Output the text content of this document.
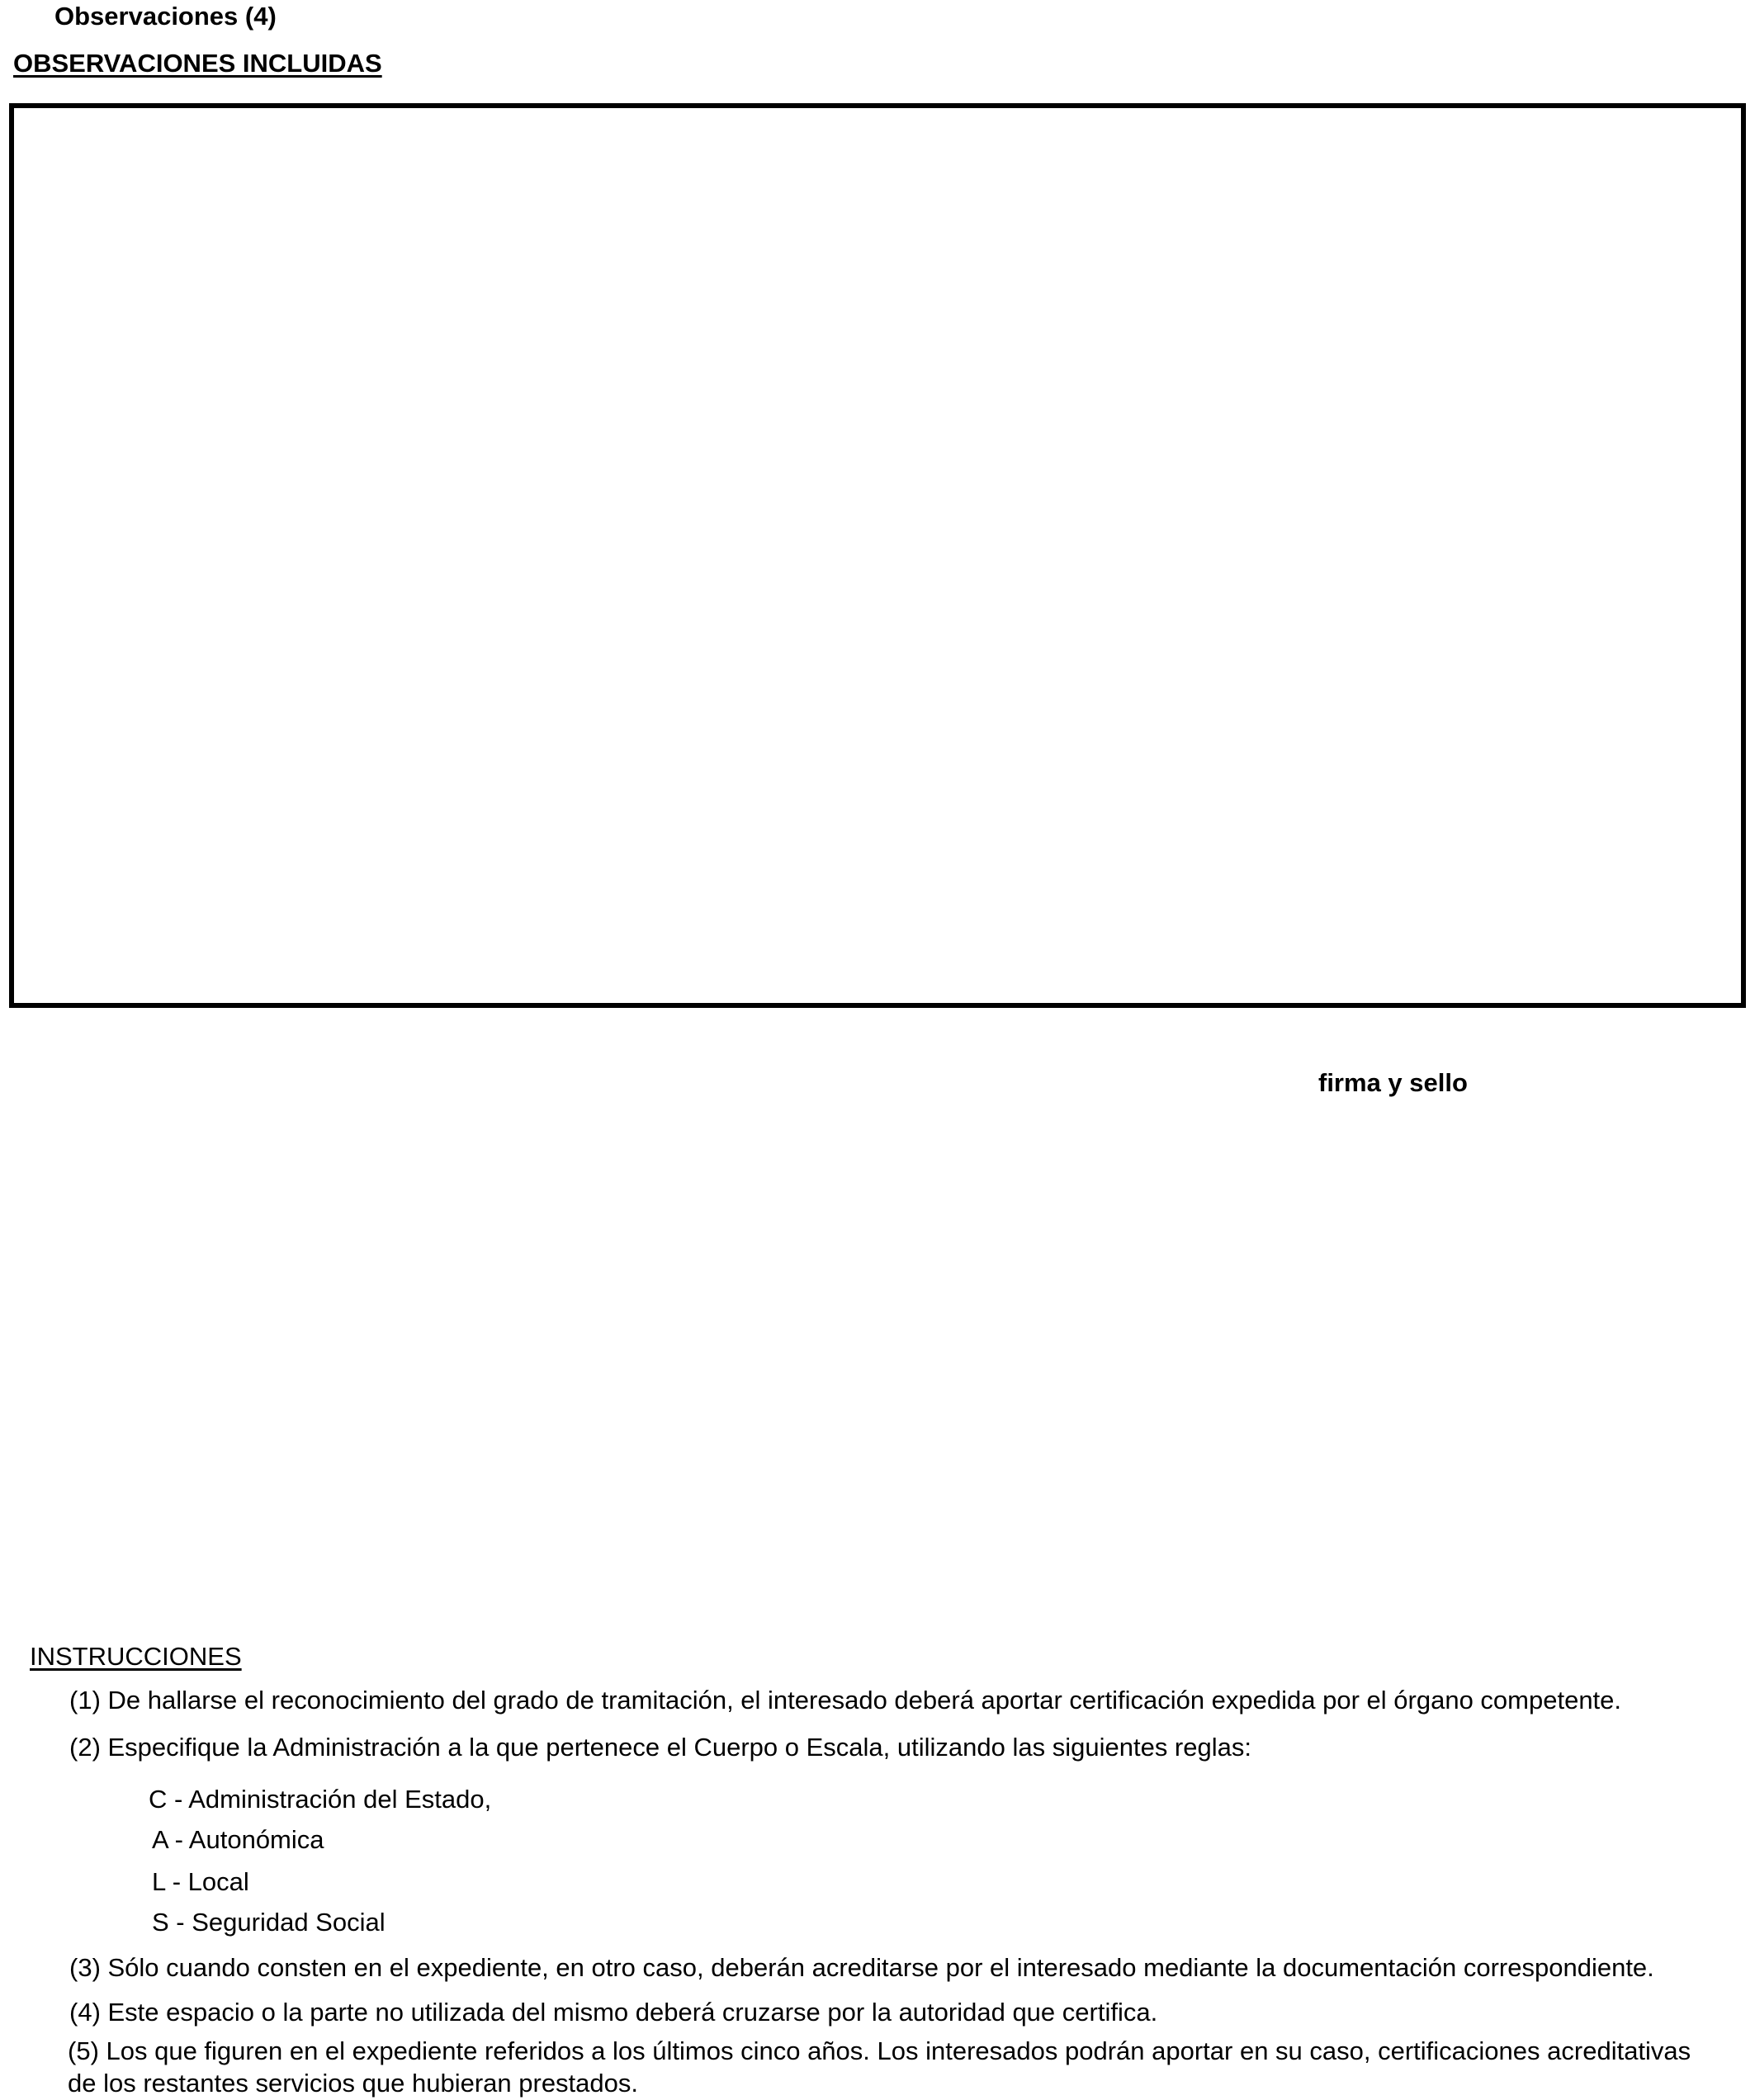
Observaciones (4)
OBSERVACIONES INCLUIDAS
firma y sello
INSTRUCCIONES
(1) De hallarse el reconocimiento del grado de tramitación, el interesado deberá aportar certificación expedida por el órgano competente.
(2) Especifique la Administración a la que pertenece el Cuerpo o Escala, utilizando las siguientes reglas:
C - Administración del Estado,
A - Autonómica
L - Local
S - Seguridad Social
(3) Sólo cuando consten en el expediente, en otro caso, deberán acreditarse por el interesado mediante la documentación correspondiente.
(4) Este espacio o la parte no utilizada del mismo deberá cruzarse por la autoridad que certifica.
(5) Los que figuren en el expediente referidos a los últimos cinco años. Los interesados podrán aportar en su caso, certificaciones acreditativas de los restantes servicios que hubieran prestados.
